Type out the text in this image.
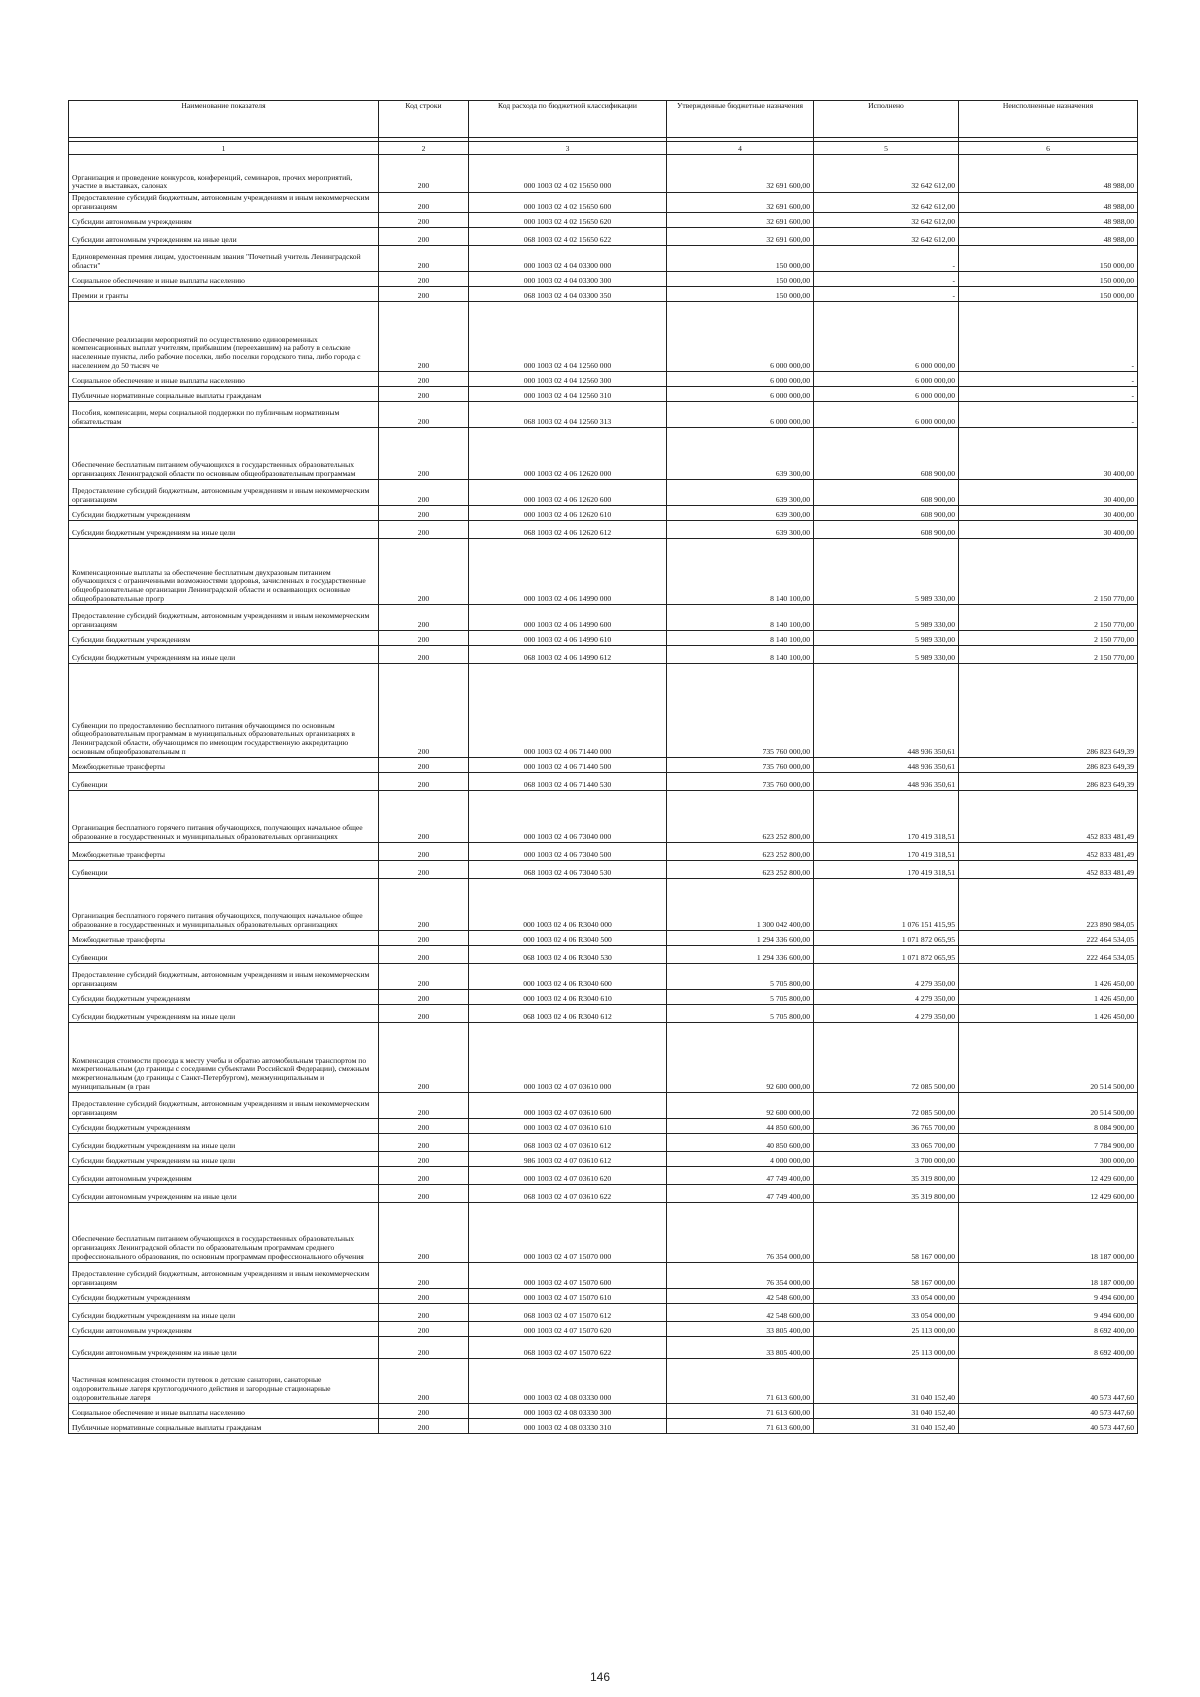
Наименование показателя	Код строки	Код расхода по бюджетной классификации	Утвержденные бюджетные назначения	Исполнено	Неисполненные назначения

1	2	3	4	5	6
Организация и проведение конкурсов, конференций, семинаров, прочих мероприятий, участие в выставках, салонах	200	000 1003 02 4 02 15650 000	32 691 600,00	32 642 612,00	48 988,00
Предоставление субсидий бюджетным, автономным учреждениям и иным некоммерческим организациям	200	000 1003 02 4 02 15650 600	32 691 600,00	32 642 612,00	48 988,00
Субсидии автономным учреждениям	200	000 1003 02 4 02 15650 620	32 691 600,00	32 642 612,00	48 988,00
Субсидии автономным учреждениям на иные цели	200	068 1003 02 4 02 15650 622	32 691 600,00	32 642 612,00	48 988,00
Единовременная премия лицам, удостоенным звания "Почетный учитель Ленинградской области"	200	000 1003 02 4 04 03300 000	150 000,00	-	150 000,00
Социальное обеспечение и иные выплаты населению	200	000 1003 02 4 04 03300 300	150 000,00	-	150 000,00
Премии и гранты	200	068 1003 02 4 04 03300 350	150 000,00	-	150 000,00
Обеспечение реализации мероприятий по осуществлению единовременных компенсационных выплат учителям, прибывшим (переехавшим) на работу в сельские населенные пункты, либо рабочие поселки, либо поселки городского типа, либо города с населением до 50 тысяч че	200	000 1003 02 4 04 12560 000	6 000 000,00	6 000 000,00	-
Социальное обеспечение и иные выплаты населению	200	000 1003 02 4 04 12560 300	6 000 000,00	6 000 000,00	-
Публичные нормативные социальные выплаты гражданам	200	000 1003 02 4 04 12560 310	6 000 000,00	6 000 000,00	-
Пособия, компенсации, меры социальной поддержки по публичным нормативным обязательствам	200	068 1003 02 4 04 12560 313	6 000 000,00	6 000 000,00	-
Обеспечение бесплатным питанием обучающихся в государственных образовательных организациях Ленинградской области по основным общеобразовательным программам	200	000 1003 02 4 06 12620 000	639 300,00	608 900,00	30 400,00
Предоставление субсидий бюджетным, автономным учреждениям и иным некоммерческим организациям	200	000 1003 02 4 06 12620 600	639 300,00	608 900,00	30 400,00
Субсидии бюджетным учреждениям	200	000 1003 02 4 06 12620 610	639 300,00	608 900,00	30 400,00
Субсидии бюджетным учреждениям на иные цели	200	068 1003 02 4 06 12620 612	639 300,00	608 900,00	30 400,00
Компенсационные выплаты за обеспечение бесплатным двухразовым питанием обучающихся с ограниченными возможностями здоровья, зачисленных в государственные общеобразовательные организации Ленинградской области и осваивающих основные общеобразовательные прогр	200	000 1003 02 4 06 14990 000	8 140 100,00	5 989 330,00	2 150 770,00
Предоставление субсидий бюджетным, автономным учреждениям и иным некоммерческим организациям	200	000 1003 02 4 06 14990 600	8 140 100,00	5 989 330,00	2 150 770,00
Субсидии бюджетным учреждениям	200	000 1003 02 4 06 14990 610	8 140 100,00	5 989 330,00	2 150 770,00
Субсидии бюджетным учреждениям на иные цели	200	068 1003 02 4 06 14990 612	8 140 100,00	5 989 330,00	2 150 770,00
Субвенции по предоставлению бесплатного питания обучающимся по основным общеобразовательным программам в муниципальных образовательных организациях в Ленинградской области, обучающимся по имеющим государственную аккредитацию основным общеобразовательным п	200	000 1003 02 4 06 71440 000	735 760 000,00	448 936 350,61	286 823 649,39
Межбюджетные трансферты	200	000 1003 02 4 06 71440 500	735 760 000,00	448 936 350,61	286 823 649,39
Субвенции	200	068 1003 02 4 06 71440 530	735 760 000,00	448 936 350,61	286 823 649,39
Организация бесплатного горячего питания обучающихся, получающих начальное общее образование в государственных и муниципальных образовательных организациях	200	000 1003 02 4 06 73040 000	623 252 800,00	170 419 318,51	452 833 481,49
Межбюджетные трансферты	200	000 1003 02 4 06 73040 500	623 252 800,00	170 419 318,51	452 833 481,49
Субвенции	200	068 1003 02 4 06 73040 530	623 252 800,00	170 419 318,51	452 833 481,49
Организация бесплатного горячего питания обучающихся, получающих начальное общее образование в государственных и муниципальных образовательных организациях	200	000 1003 02 4 06 R3040 000	1 300 042 400,00	1 076 151 415,95	223 890 984,05
Межбюджетные трансферты	200	000 1003 02 4 06 R3040 500	1 294 336 600,00	1 071 872 065,95	222 464 534,05
Субвенции	200	068 1003 02 4 06 R3040 530	1 294 336 600,00	1 071 872 065,95	222 464 534,05
Предоставление субсидий бюджетным, автономным учреждениям и иным некоммерческим организациям	200	000 1003 02 4 06 R3040 600	5 705 800,00	4 279 350,00	1 426 450,00
Субсидии бюджетным учреждениям	200	000 1003 02 4 06 R3040 610	5 705 800,00	4 279 350,00	1 426 450,00
Субсидии бюджетным учреждениям на иные цели	200	068 1003 02 4 06 R3040 612	5 705 800,00	4 279 350,00	1 426 450,00
Компенсация стоимости проезда к месту учебы и обратно автомобильным транспортом по межрегиональным (до границы с соседними субъектами Российской Федерации), смежным межрегиональным (до границы с Санкт-Петербургом), межмуниципальным и муниципальным (в гран	200	000 1003 02 4 07 03610 000	92 600 000,00	72 085 500,00	20 514 500,00
Предоставление субсидий бюджетным, автономным учреждениям и иным некоммерческим организациям	200	000 1003 02 4 07 03610 600	92 600 000,00	72 085 500,00	20 514 500,00
Субсидии бюджетным учреждениям	200	000 1003 02 4 07 03610 610	44 850 600,00	36 765 700,00	8 084 900,00
Субсидии бюджетным учреждениям на иные цели	200	068 1003 02 4 07 03610 612	40 850 600,00	33 065 700,00	7 784 900,00
Субсидии бюджетным учреждениям на иные цели	200	986 1003 02 4 07 03610 612	4 000 000,00	3 700 000,00	300 000,00
Субсидии автономным учреждениям	200	000 1003 02 4 07 03610 620	47 749 400,00	35 319 800,00	12 429 600,00
Субсидии автономным учреждениям на иные цели	200	068 1003 02 4 07 03610 622	47 749 400,00	35 319 800,00	12 429 600,00
Обеспечение бесплатным питанием обучающихся в государственных образовательных организациях Ленинградской области по образовательным программам среднего профессионального образования, по основным программам профессионального обучения	200	000 1003 02 4 07 15070 000	76 354 000,00	58 167 000,00	18 187 000,00
Предоставление субсидий бюджетным, автономным учреждениям и иным некоммерческим организациям	200	000 1003 02 4 07 15070 600	76 354 000,00	58 167 000,00	18 187 000,00
Субсидии бюджетным учреждениям	200	000 1003 02 4 07 15070 610	42 548 600,00	33 054 000,00	9 494 600,00
Субсидии бюджетным учреждениям на иные цели	200	068 1003 02 4 07 15070 612	42 548 600,00	33 054 000,00	9 494 600,00
Субсидии автономным учреждениям	200	000 1003 02 4 07 15070 620	33 805 400,00	25 113 000,00	8 692 400,00
Субсидии автономным учреждениям на иные цели	200	068 1003 02 4 07 15070 622	33 805 400,00	25 113 000,00	8 692 400,00
Частичная компенсация стоимости путевок в детские санатории, санаторные оздоровительные лагеря круглогодичного действия и загородные стационарные оздоровительные лагеря	200	000 1003 02 4 08 03330 000	71 613 600,00	31 040 152,40	40 573 447,60
Социальное обеспечение и иные выплаты населению	200	000 1003 02 4 08 03330 300	71 613 600,00	31 040 152,40	40 573 447,60
Публичные нормативные социальные выплаты гражданам	200	000 1003 02 4 08 03330 310	71 613 600,00	31 040 152,40	40 573 447,60
146
